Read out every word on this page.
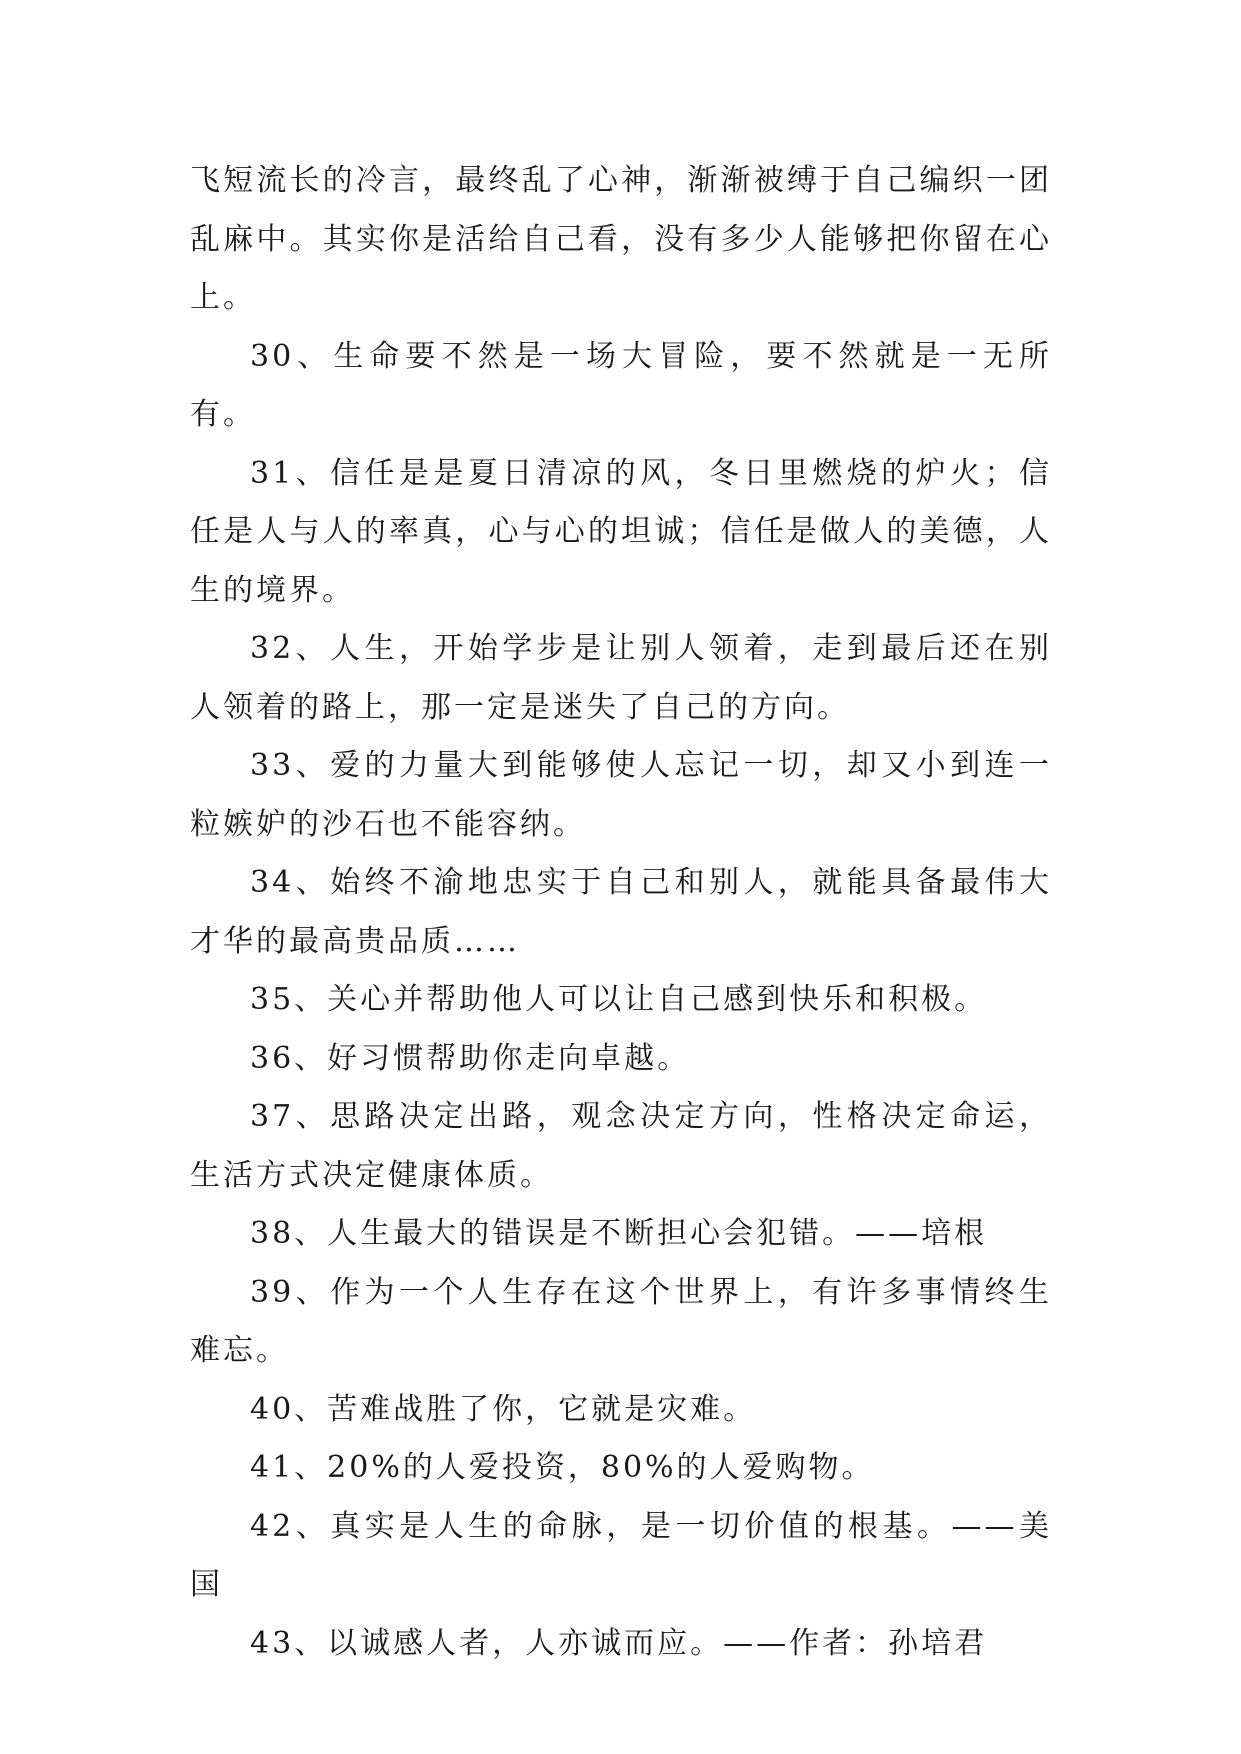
飞短流长的冷言，最终乱了心神，渐渐被缚于自己编织一团乱麻中。其实你是活给自己看，没有多少人能够把你留在心上。

30、生命要不然是一场大冒险，要不然就是一无所有。

31、信任是是夏日清凉的风，冬日里燃烧的炉火；信任是人与人的率真，心与心的坦诚；信任是做人的美德，人生的境界。

32、人生，开始学步是让别人领着，走到最后还在别人领着的路上，那一定是迷失了自己的方向。

33、爱的力量大到能够使人忘记一切，却又小到连一粒嫉妒的沙石也不能容纳。

34、始终不渝地忠实于自己和别人，就能具备最伟大才华的最高贵品质……

35、关心并帮助他人可以让自己感到快乐和积极。

36、好习惯帮助你走向卓越。

37、思路决定出路，观念决定方向，性格决定命运，生活方式决定健康体质。

38、人生最大的错误是不断担心会犯错。——培根

39、作为一个人生存在这个世界上，有许多事情终生难忘。

40、苦难战胜了你，它就是灾难。

41、20%的人爱投资，80%的人爱购物。

42、真实是人生的命脉，是一切价值的根基。——美国

43、以诚感人者，人亦诚而应。——作者：孙培君
